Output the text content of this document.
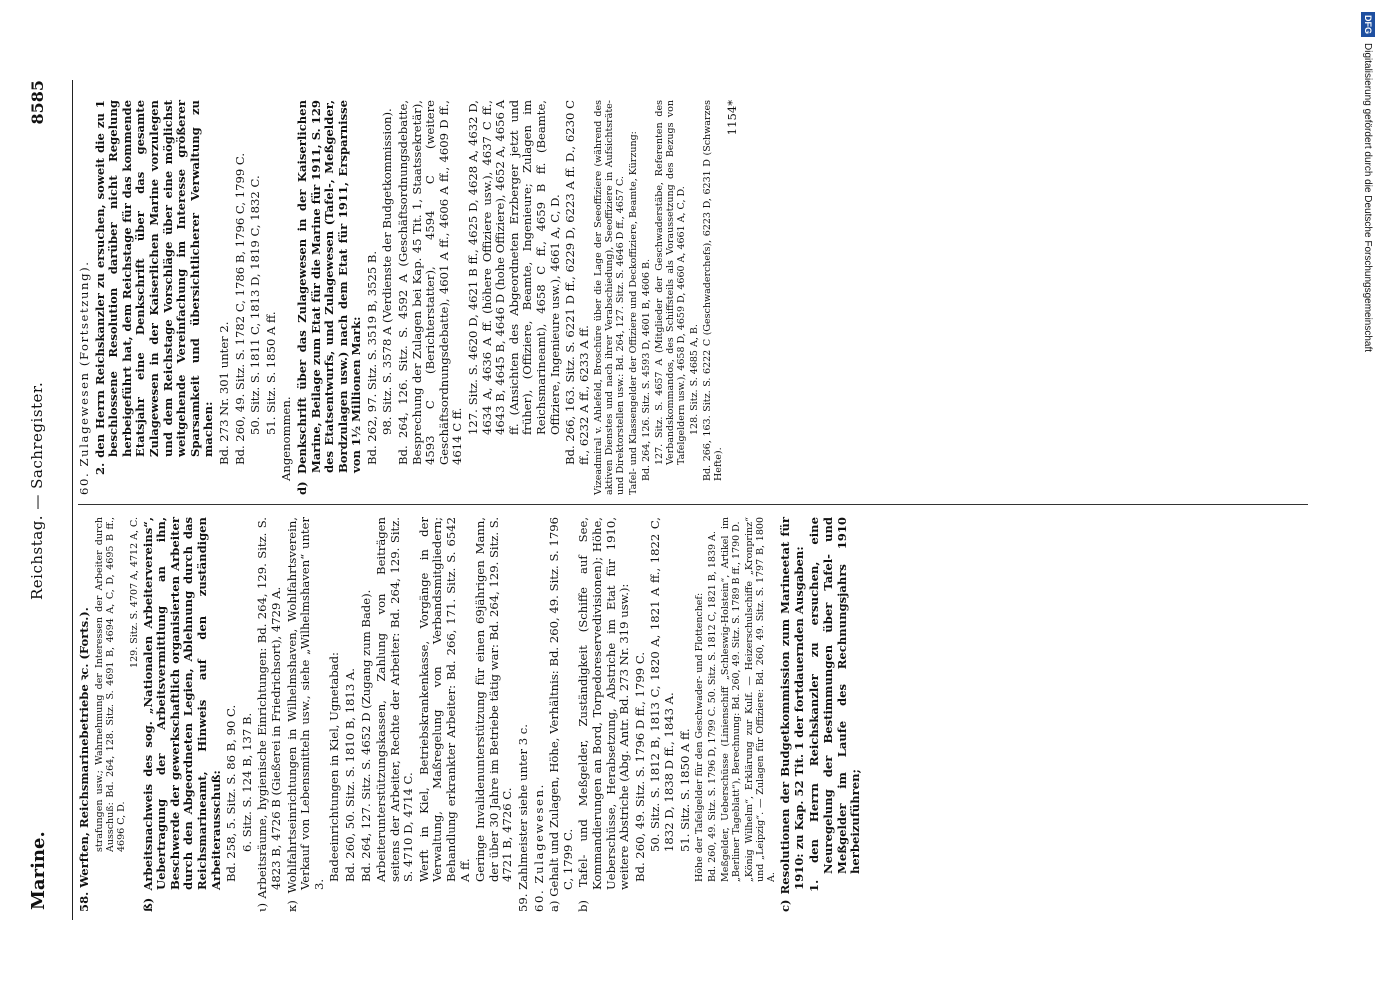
Marine.
Reichstag. — Sachregister.
8585

58. Werften, Reichsmarinebetriebe ꝛc. (Forts.). strafungen usw.; Wahrnehmung der Interessen der Arbeiter durch Ausschuß: Bd. 264, 128. Sitz. S. 4691 B, 4694 A, C, D, 4695 B ff., 4696 C, D.

129. Sitz. S. 4707 A, 4712 A, C. ß) Arbeitsnachweis des sog. „Nationalen Arbeitervereins“, Uebertragung der Arbeitsvermittlung an ihn, Beschwerde der gewerkschaftlich organisierten Arbeiter durch den Abgeordneten Legien, Ablehnung durch das Reichsmarineamt, Hinweis auf den zuständigen Arbeiterausschuß: Bd. 258, 5. Sitz. S. 86 B, 90 C. 6. Sitz. S. 124 B, 137 B. ι) Arbeitsräume, hygienische Einrichtungen: Bd. 264, 129. Sitz. S. 4823 B, 4726 B (Gießerei in Friedrichsort), 4729 A. κ) Wohlfahrtseinrichtungen in Wilhelmshaven, Wohlfahrtsverein, Verkauf von Lebensmitteln usw., siehe „Wilhelmshaven“ unter 3.

Badeeinrichtungen in Kiel, Ugnetabad: Bd. 260, 50. Sitz. S. 1810 B, 1813 A. Bd. 264, 127. Sitz. S. 4652 D (Zugang zum Bade). Arbeiterunterstützungskassen, Zahlung von Beiträgen seitens der Arbeiter, Rechte der Arbeiter: Bd. 264, 129. Sitz. S. 4710 D, 4714 C. Werft in Kiel, Betriebskrankenkasse, Vorgänge in der Verwaltung, Maßregelung von Verbandsmitgliedern; Behandlung erkrankter Arbeiter: Bd. 266, 171. Sitz. S. 6542 A ff. Geringe Invalidenunterstützung für einen 69jährigen Mann, der über 30 Jahre im Betriebe tätig war: Bd. 264, 129. Sitz. S. 4721 B, 4726 C. 59. Zahlmeister siehe unter 3 c. 60. Zulagewesen. a) Gehalt und Zulagen, Höhe, Verhältnis: Bd. 260, 49. Sitz. S. 1796 C, 1799 C. b) Tafel- und Meßgelder, Zuständigkeit (Schiffe auf See, Kommandierungen an Bord, Torpedoreservedivisionen); Höhe, Ueberschüsse, Herabsetzung, Abstriche im Etat für 1910, weitere Abstriche (Abg. Antr. Bd. 273 Nr. 319 usw.): Bd. 260, 49. Sitz. S. 1796 D ff., 1799 C. 50. Sitz. S. 1812 B, 1813 C, 1820 A, 1821 A ff., 1822 C, 1832 D, 1838 D ff., 1843 A. 51. Sitz. S. 1850 A ff. Höhe der Tafelgelder für den Geschwader- und Flottenchef: Bd. 260, 49. Sitz. S. 1796 D, 1799 C. 50. Sitz. S. 1812 C, 1821 B, 1839 A. Meßgelder, Ueberschüsse (Linienschiff „Schleswig-Holstein“, Artikel im „Berliner Tageblatt“), Berechnung: Bd. 260, 49. Sitz. S. 1789 B ff., 1790 D. „König Wilhelm“, Erklärung zur Kulf. — Heizerschulschiffe „Kronprinz“ und „Leipzig“. — Zulagen für Offiziere: Bd. 260, 49. Sitz. S. 1797 B, 1800 A. c) Resolutionen der Budgetkommission zum Marineetat für 1910: zu Kap. 52 Tit. 1 der fortdauernden Ausgaben: 1. den Herrn Reichskanzler zu ersuchen, eine Neuregelung der Bestimmungen über Tafel- und Meßgelder im Laufe des Rechnungsjahrs 1910 herbeizuführen;

60. Zulagewesen (Fortsetzung). 2. den Herrn Reichskanzler zu ersuchen, soweit die zu 1 beschlossene Resolution darüber nicht Regelung herbeigeführt hat, dem Reichstage für das kommende Etatsjahr eine Denkschrift über das gesamte Zulagewesen in der Kaiserlichen Marine vorzulegen und dem Reichstage Vorschläge über eine möglichst weitgehende Vereinfachung im Interesse größerer Sparsamkeit und übersichtlicherer Verwaltung zu machen: Bd. 273 Nr. 301 unter 2. Bd. 260, 49. Sitz. S. 1782 C, 1786 B, 1796 C, 1799 C. 50. Sitz. S. 1811 C, 1813 D, 1819 C, 1832 C. 51. Sitz. S. 1850 A ff.

Angenommen. d) Denkschrift über das Zulagewesen in der Kaiserlichen Marine, Beilage zum Etat für die Marine für 1911, S. 129 des Etatsentwurfs, und Zulagewesen (Tafel-, Meßgelder, Bordzulagen usw.) nach dem Etat für 1911, Ersparnisse von 1½ Millionen Mark: Bd. 262, 97. Sitz. S. 3519 B, 3525 B. 98. Sitz. S. 3578 A (Verdienste der Budgetkommission). Bd. 264, 126. Sitz. S. 4592 A (Geschäftsordnungsdebatte, Besprechung der Zulagen bei Kap. 45 Tit. 1, Staatssekretär), 4593 C (Berichterstatter), 4594 C (weitere Geschäftsordnungsdebatte), 4601 A ff., 4606 A ff., 4609 D ff., 4614 C ff.

127. Sitz. S. 4620 D, 4621 B ff., 4625 D, 4628 A, 4632 D, 4634 A, 4636 A ff. (höhere Offiziere usw.), 4637 C ff., 4643 B, 4645 B, 4646 D (hohe Offiziere), 4652 A, 4656 A ff. (Ansichten des Abgeordneten Erzberger jetzt und früher), (Offiziere, Beamte, Ingenieure; Zulagen im Reichsmarineamt), 4658 C ff., 4659 B ff. (Beamte, Offiziere, Ingenieure usw.), 4661 A, C, D. Bd. 266, 163. Sitz. S. 6221 D ff., 6229 D, 6223 A ff. D., 6230 C ff., 6232 A ff., 6233 A ff. Vizeadmiral v. Ahlefeld, Broschüre über die Lage der Seeoffiziere (während des aktiven Dienstes und nach ihrer Verabschiedung), Seeoffiziere in Aufsichtsräte- und Direktorstellen usw.: Bd. 264, 127. Sitz. S. 4646 D ff., 4657 C. Tafel- und Klassengelder der Offiziere und Deckoffiziere, Beamte, Kürzung: Bd. 264, 126. Sitz. S. 4593 D, 4601 B, 4606 B. 127. Sitz. S. 4657 A (Mitglieder der Geschwaderstäbe, Referenten des Verbandskommandos, des Schiffsteils als Voraussetzung des Bezugs von Tafelgeldern usw.), 4658 D, 4659 D, 4660 A, 4661 A, C, D. 128. Sitz. S. 4685 A, B. Bd. 266, 163. Sitz. S. 6222 C (Geschwaderchefs), 6223 D, 6231 D (Schwarzes Hefte).

1154*

DFGDigitalisierung gefördert durch die Deutsche Forschungsgemeinschaft
